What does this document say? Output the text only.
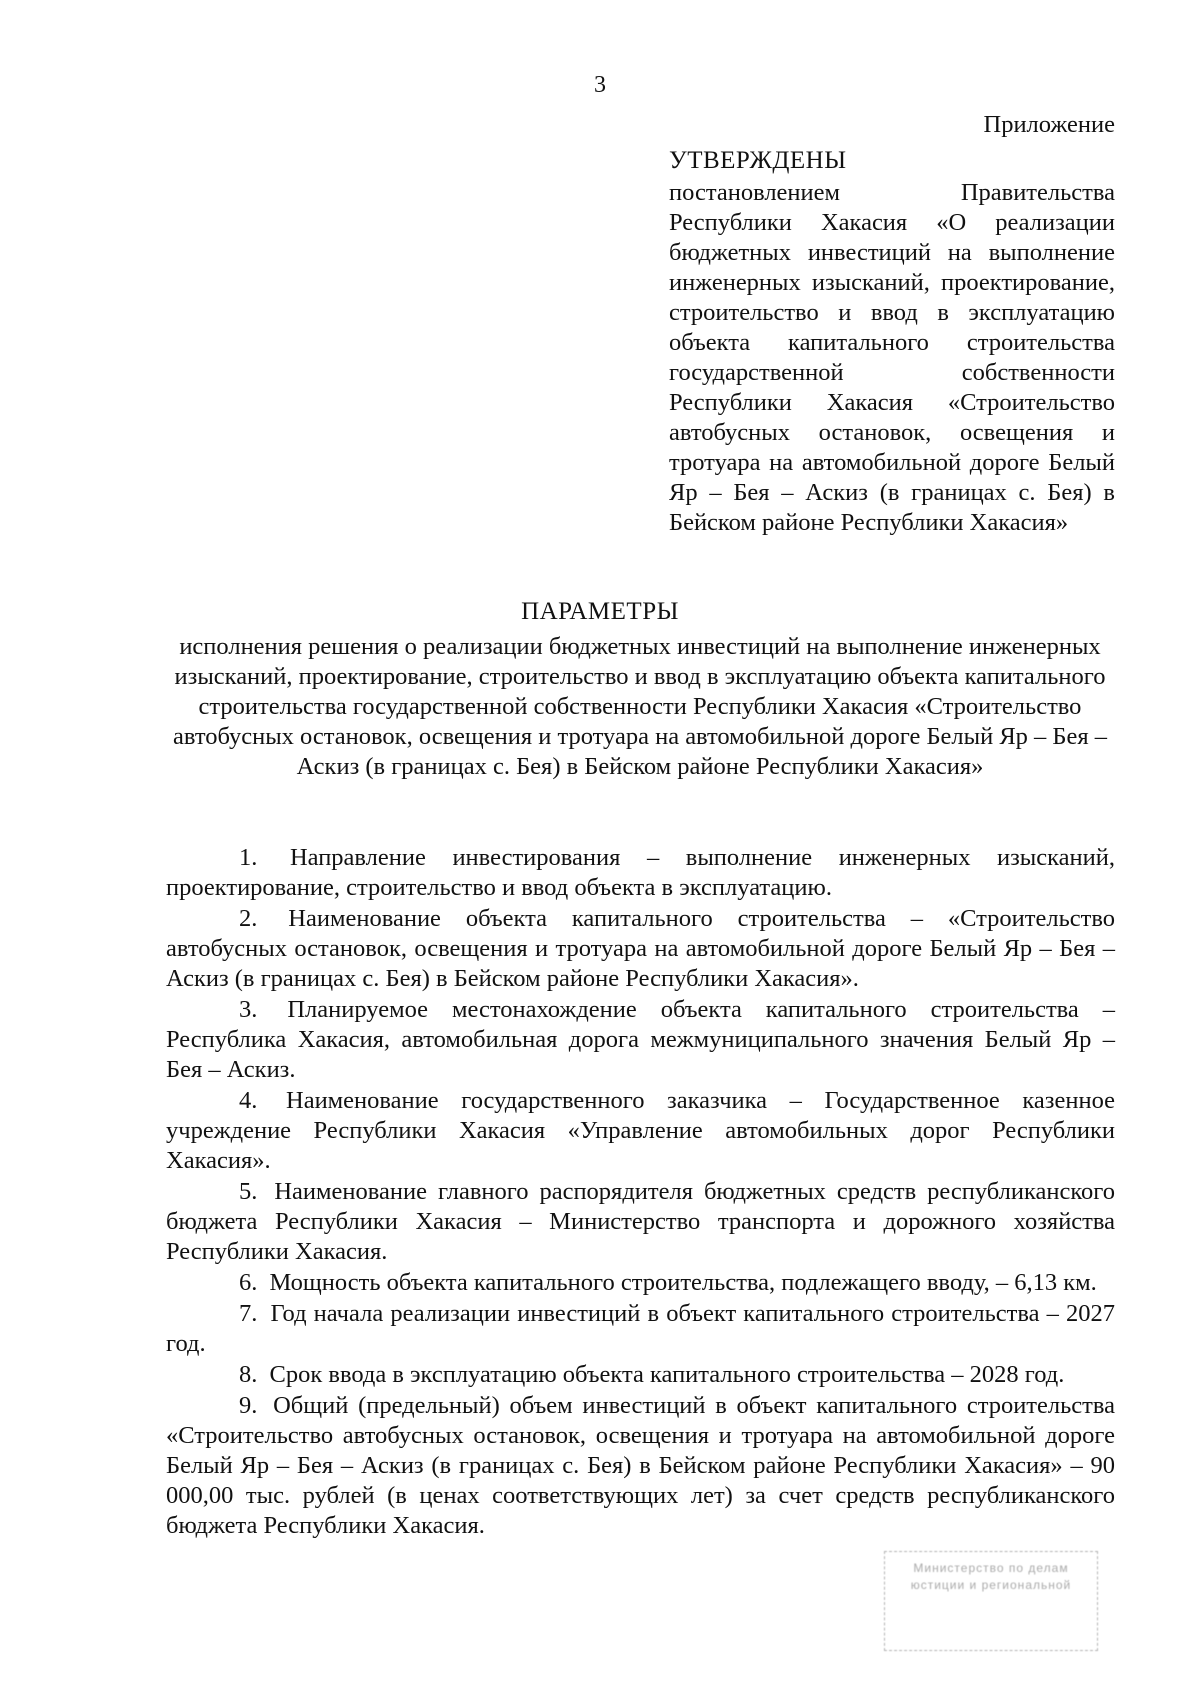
3
Приложение
УТВЕРЖДЕНЫ
постановлением Правительства Республики Хакасия «О реализации бюджетных инвестиций на выполнение инженерных изысканий, проектирование, строительство и ввод в эксплуатацию объекта капитального строительства государственной собственности Республики Хакасия «Строительство автобусных остановок, освещения и тротуара на автомобильной дороге Белый Яр – Бея – Аскиз (в границах с. Бея) в Бейском районе Республики Хакасия»
ПАРАМЕТРЫ
исполнения решения о реализации бюджетных инвестиций на выполнение инженерных изысканий, проектирование, строительство и ввод в эксплуатацию объекта капитального строительства государственной собственности Республики Хакасия «Строительство автобусных остановок, освещения и тротуара на автомобильной дороге Белый Яр – Бея – Аскиз (в границах с. Бея) в Бейском районе Республики Хакасия»

1. Направление инвестирования – выполнение инженерных изысканий, проектирование, строительство и ввод объекта в эксплуатацию.

2. Наименование объекта капитального строительства – «Строительство автобусных остановок, освещения и тротуара на автомобильной дороге Белый Яр – Бея – Аскиз (в границах с. Бея) в Бейском районе Республики Хакасия».

3. Планируемое местонахождение объекта капитального строительства – Республика Хакасия, автомобильная дорога межмуниципального значения Белый Яр – Бея – Аскиз.

4. Наименование государственного заказчика – Государственное казенное учреждение Республики Хакасия «Управление автомобильных дорог Республики Хакасия».

5. Наименование главного распорядителя бюджетных средств республиканского бюджета Республики Хакасия – Министерство транспорта и дорожного хозяйства Республики Хакасия.

6. Мощность объекта капитального строительства, подлежащего вводу, – 6,13 км.

7. Год начала реализации инвестиций в объект капитального строительства – 2027 год.

8. Срок ввода в эксплуатацию объекта капитального строительства – 2028 год.

9. Общий (предельный) объем инвестиций в объект капитального строительства «Строительство автобусных остановок, освещения и тротуара на автомобильной дороге Белый Яр – Бея – Аскиз (в границах с. Бея) в Бейском районе Республики Хакасия» – 90 000,00 тыс. рублей (в ценах соответствующих лет) за счет средств республиканского бюджета Республики Хакасия.

Министерство по делам
юстиции и региональной
